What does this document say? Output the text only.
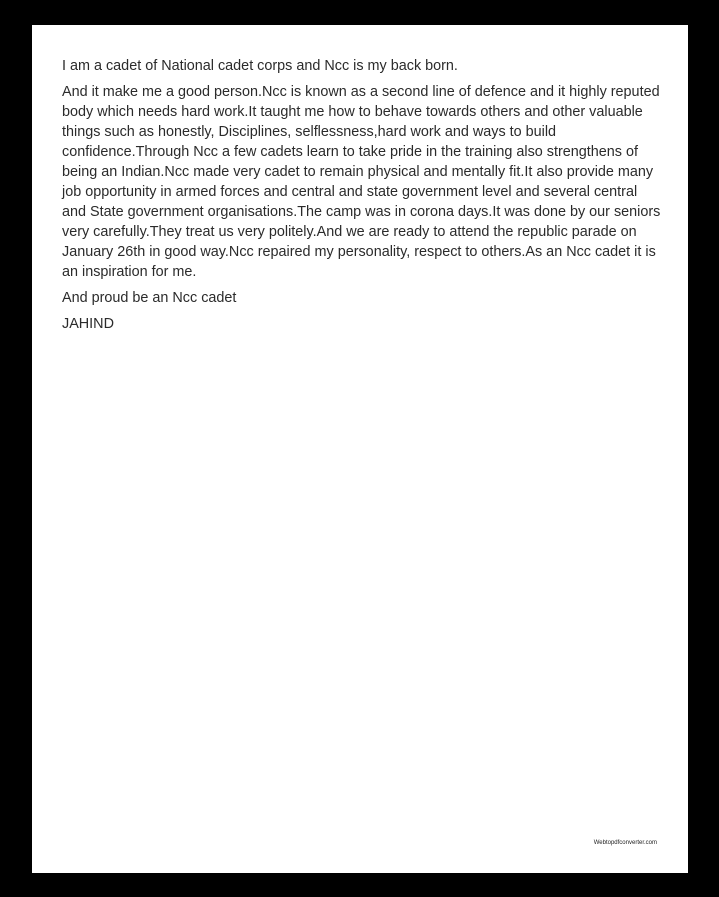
I am a cadet of National cadet corps and Ncc is my back born.

And it make me a good person.Ncc is known as a second line of defence and it highly reputed body which needs hard work.It taught me how to behave towards others and other valuable things such as honestly, Disciplines, selflessness,hard work and ways to build confidence.Through Ncc a few cadets learn to take pride in the training also strengthens of being an Indian.Ncc made very cadet to remain physical and mentally fit.It also provide many job opportunity in armed forces and central and state government level and several central and State government organisations.The camp was in corona days.It was done by our seniors very carefully.They treat us very politely.And we are ready to attend the republic parade on January 26th in good way.Ncc repaired my personality, respect to others.As an Ncc cadet it is an inspiration for me.

And proud be an Ncc cadet

JAHIND

Webtopdfconverter.com
